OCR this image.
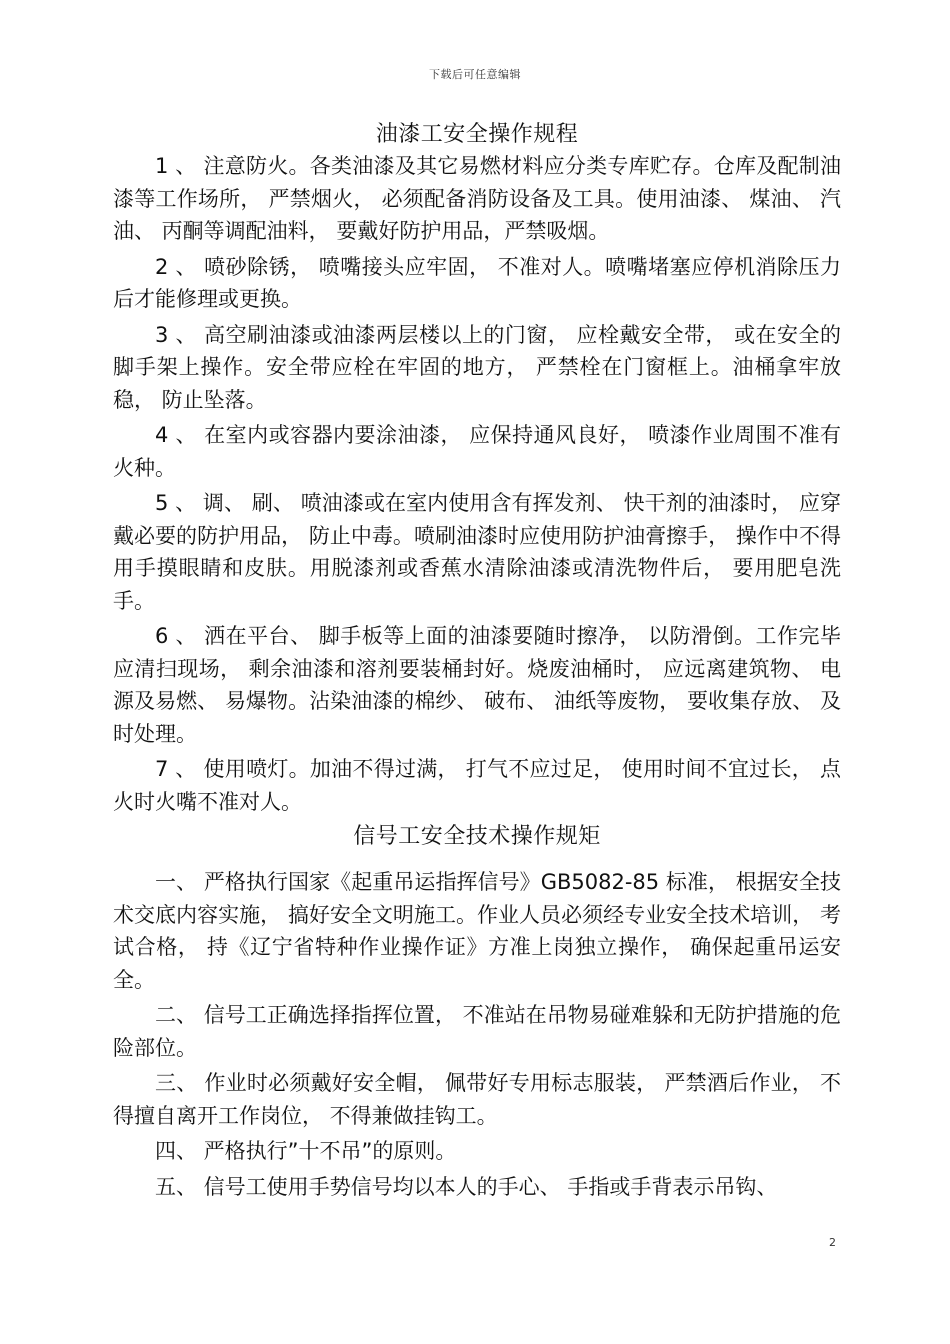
下载后可任意编辑
油漆工安全操作规程

1 、 注意防火。各类油漆及其它易燃材料应分类专库贮存。仓库及配制油漆等工作场所， 严禁烟火， 必须配备消防设备及工具。使用油漆、 煤油、 汽油、 丙酮等调配油料， 要戴好防护用品，严禁吸烟。

2 、 喷砂除锈， 喷嘴接头应牢固， 不准对人。喷嘴堵塞应停机消除压力后才能修理或更换。

3 、 高空刷油漆或油漆两层楼以上的门窗， 应栓戴安全带， 或在安全的脚手架上操作。安全带应栓在牢固的地方， 严禁栓在门窗框上。油桶拿牢放稳， 防止坠落。

4 、 在室内或容器内要涂油漆， 应保持通风良好， 喷漆作业周围不准有火种。

5 、 调、 刷、 喷油漆或在室内使用含有挥发剂、 快干剂的油漆时， 应穿戴必要的防护用品， 防止中毒。喷刷油漆时应使用防护油膏擦手， 操作中不得用手摸眼睛和皮肤。用脱漆剂或香蕉水清除油漆或清洗物件后， 要用肥皂洗手。

6 、 洒在平台、 脚手板等上面的油漆要随时擦净， 以防滑倒。工作完毕应清扫现场， 剩余油漆和溶剂要装桶封好。烧废油桶时， 应远离建筑物、 电源及易燃、 易爆物。沾染油漆的棉纱、 破布、 油纸等废物， 要收集存放、 及时处理。

7 、 使用喷灯。加油不得过满， 打气不应过足， 使用时间不宜过长， 点火时火嘴不准对人。

信号工安全技术操作规矩

一、 严格执行国家《起重吊运指挥信号》GB5082-85 标准， 根据安全技术交底内容实施， 搞好安全文明施工。作业人员必须经专业安全技术培训， 考试合格， 持《辽宁省特种作业操作证》方准上岗独立操作， 确保起重吊运安全。

二、 信号工正确选择指挥位置， 不准站在吊物易碰难躲和无防护措施的危险部位。

三、 作业时必须戴好安全帽， 佩带好专用标志服装， 严禁酒后作业， 不得擅自离开工作岗位， 不得兼做挂钩工。

四、 严格执行”十不吊”的原则。

五、 信号工使用手势信号均以本人的手心、 手指或手背表示吊钩、

2
